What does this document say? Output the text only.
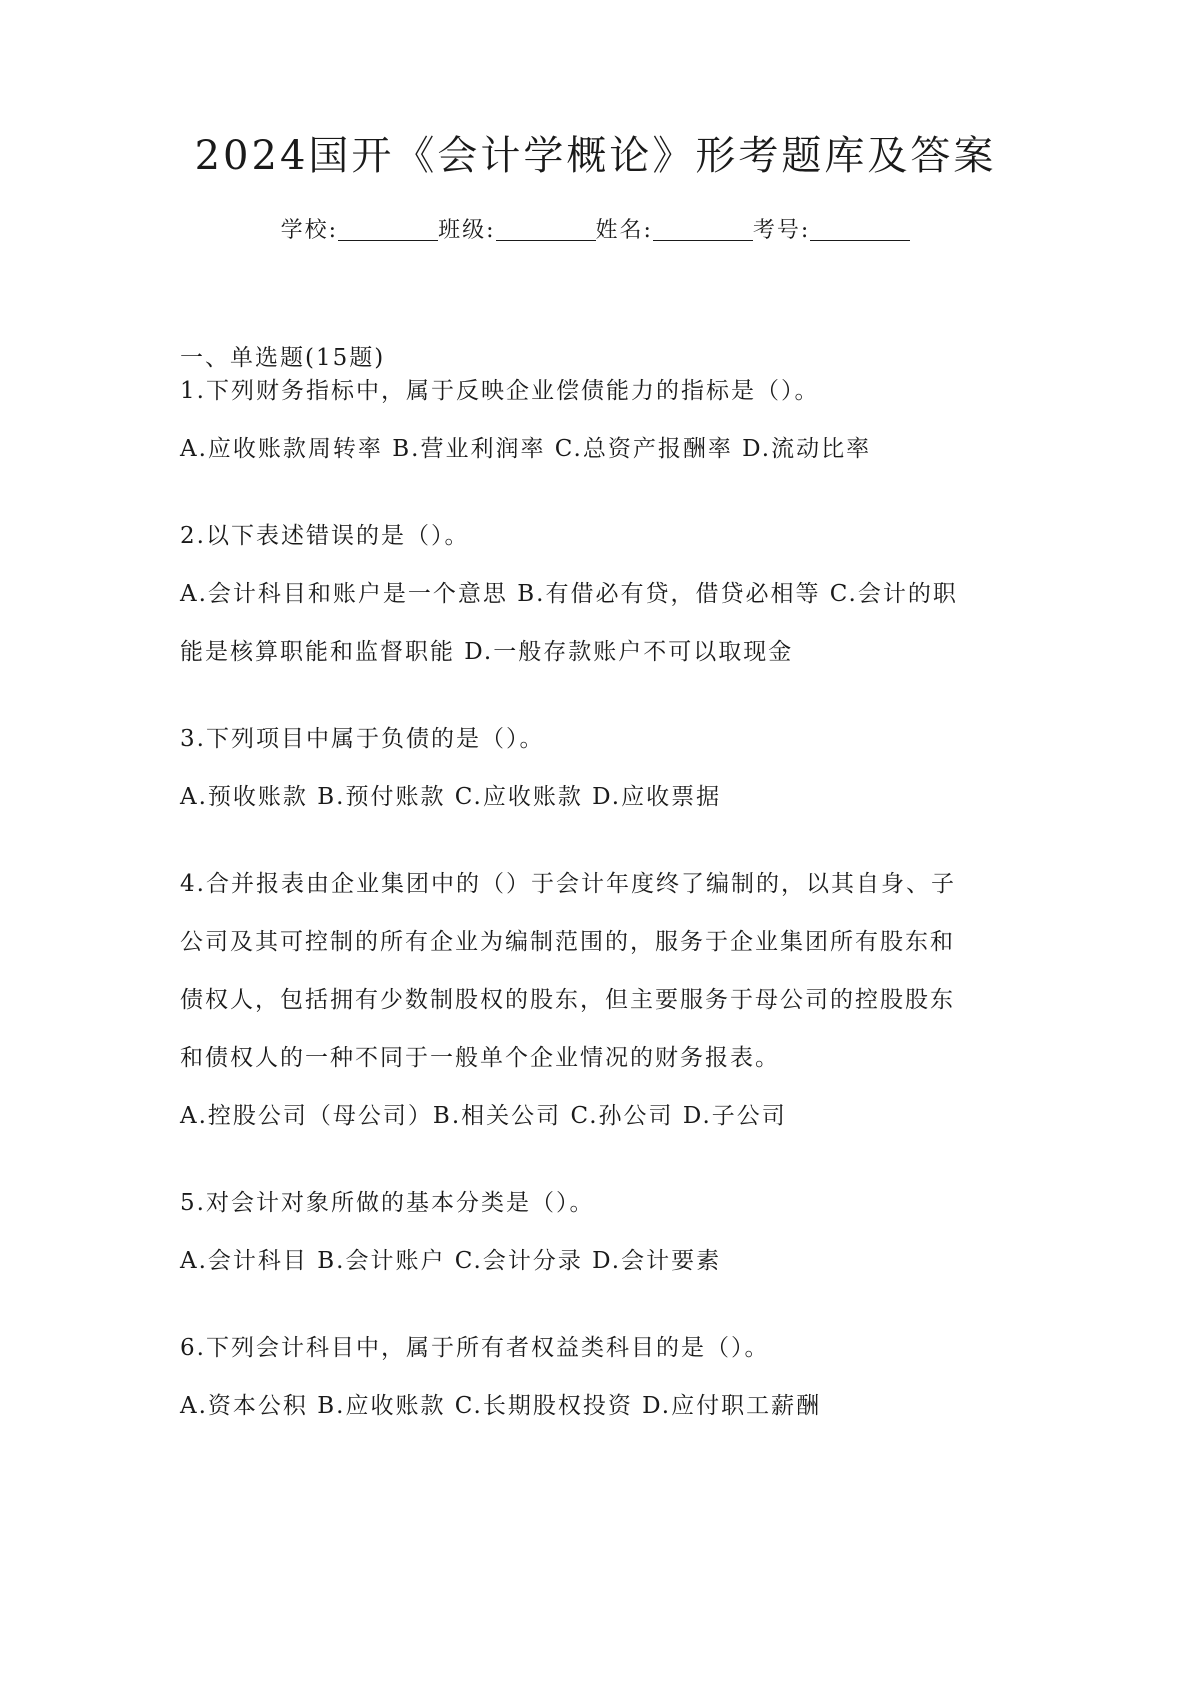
2024国开《会计学概论》形考题库及答案
学校:	班级:	姓名:	考号:
一、单选题(15题)

1.下列财务指标中，属于反映企业偿债能力的指标是（）。

A.应收账款周转率 B.营业利润率 C.总资产报酬率 D.流动比率

2.以下表述错误的是（）。

A.会计科目和账户是一个意思 B.有借必有贷，借贷必相等 C.会计的职

能是核算职能和监督职能 D.一般存款账户不可以取现金

3.下列项目中属于负债的是（）。

A.预收账款 B.预付账款 C.应收账款 D.应收票据

4.合并报表由企业集团中的（）于会计年度终了编制的，以其自身、子

公司及其可控制的所有企业为编制范围的，服务于企业集团所有股东和

债权人，包括拥有少数制股权的股东，但主要服务于母公司的控股股东

和债权人的一种不同于一般单个企业情况的财务报表。

A.控股公司（母公司）B.相关公司 C.孙公司 D.子公司

5.对会计对象所做的基本分类是（）。

A.会计科目 B.会计账户 C.会计分录 D.会计要素

6.下列会计科目中，属于所有者权益类科目的是（）。

A.资本公积 B.应收账款 C.长期股权投资 D.应付职工薪酬
